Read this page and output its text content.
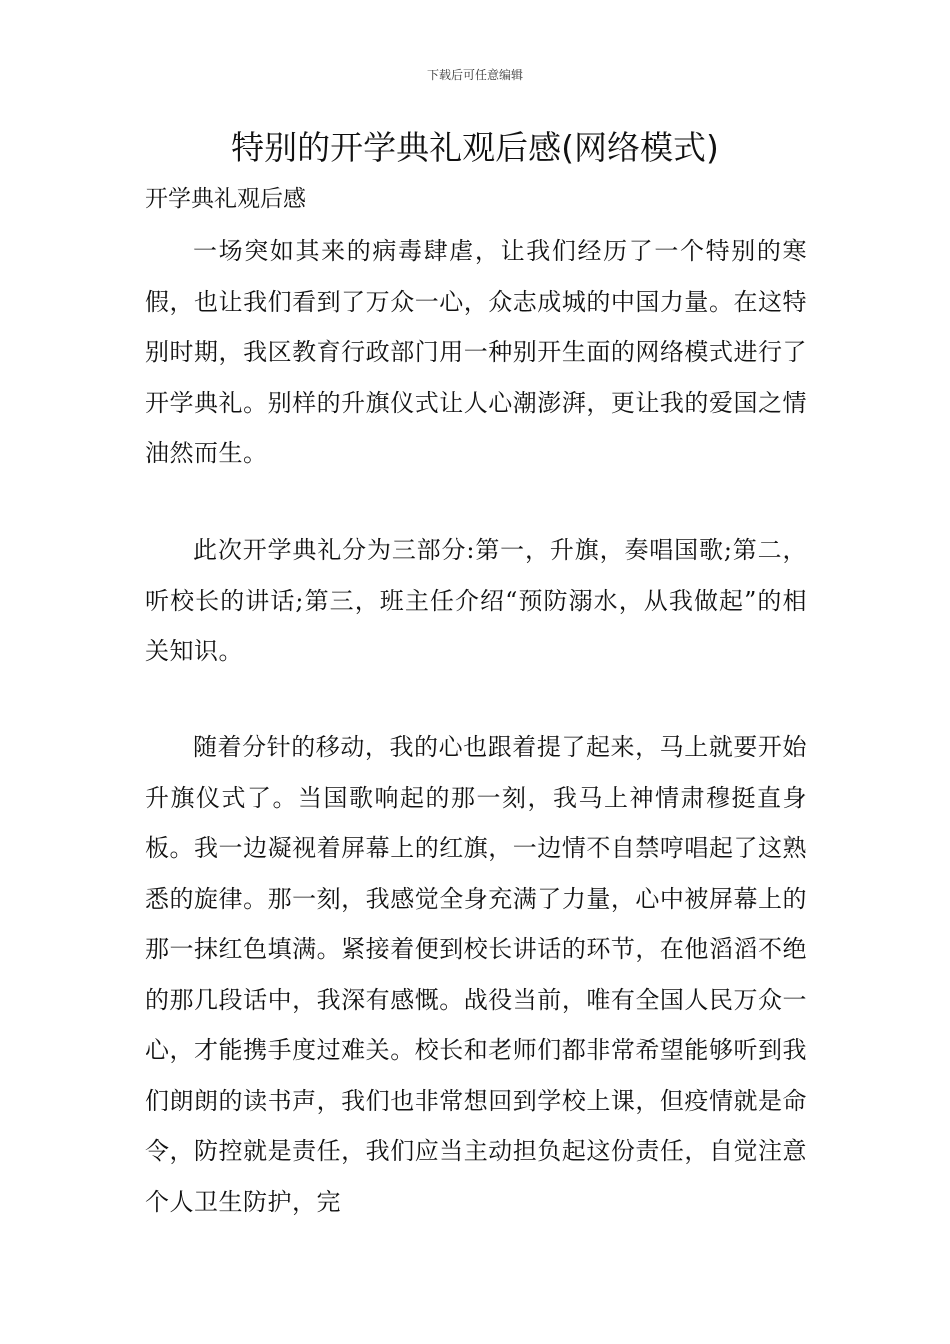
下载后可任意编辑
特别的开学典礼观后感(网络模式)

开学典礼观后感

一场突如其来的病毒肆虐，让我们经历了一个特别的寒假，也让我们看到了万众一心，众志成城的中国力量。在这特别时期，我区教育行政部门用一种别开生面的网络模式进行了开学典礼。别样的升旗仪式让人心潮澎湃，更让我的爱国之情油然而生。

此次开学典礼分为三部分:第一，升旗，奏唱国歌;第二，听校长的讲话;第三，班主任介绍“预防溺水，从我做起”的相关知识。

随着分针的移动，我的心也跟着提了起来，马上就要开始升旗仪式了。当国歌响起的那一刻，我马上神情肃穆挺直身板。我一边凝视着屏幕上的红旗，一边情不自禁哼唱起了这熟悉的旋律。那一刻，我感觉全身充满了力量，心中被屏幕上的那一抹红色填满。紧接着便到校长讲话的环节，在他滔滔不绝的那几段话中，我深有感慨。战役当前，唯有全国人民万众一心，才能携手度过难关。校长和老师们都非常希望能够听到我们朗朗的读书声，我们也非常想回到学校上课，但疫情就是命令，防控就是责任，我们应当主动担负起这份责任，自觉注意个人卫生防护，完
